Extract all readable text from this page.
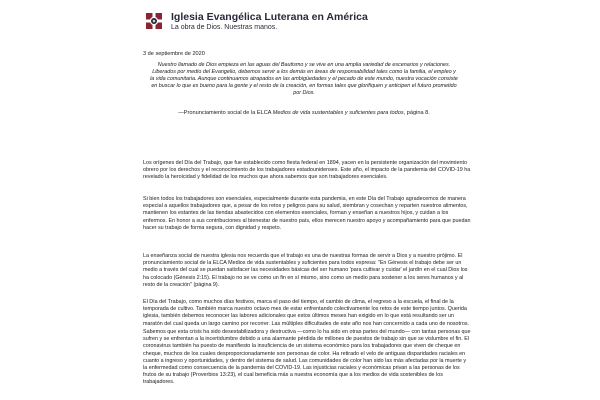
Iglesia Evangélica Luterana en América
La obra de Dios. Nuestras manos.
3 de septiembre de 2020
Nuestro llamado de Dios empieza en las aguas del Bautismo y se vive en una amplia variedad de escenarios y relaciones. Liberados por medio del Evangelio, debemos servir a los demás en áreas de responsabilidad tales como la familia, el empleo y la vida comunitaria. Aunque continuamos atrapados en las ambigüedades y el pecado de este mundo, nuestra vocación consiste en buscar lo que es bueno para la gente y el resto de la creación, en formas tales que glorifiquen y anticipen el futuro prometido por Dios.
—Pronunciamiento social de la ELCA Medios de vida sustentables y suficientes para todos, página 8.

Los orígenes del Día del Trabajo, que fue establecido como fiesta federal en 1894, yacen en la persistente organización del movimiento obrero por los derechos y el reconocimiento de los trabajadores estadounidenses. Este año, el impacto de la pandemia del COVID-19 ha revelado la heroicidad y fidelidad de los muchos que ahora sabemos que son trabajadores esenciales.

Si bien todos los trabajadores son esenciales, especialmente durante esta pandemia, en este Día del Trabajo agradecemos de manera especial a aquellos trabajadores que, a pesar de los retos y peligros para su salud, siembran y cosechan y reparten nuestros alimentos, mantienen los estantes de las tiendas abastecidos con elementos esenciales, forman y enseñan a nuestros hijos, y cuidan a los enfermos. En honor a sus contribuciones al bienestar de nuestro país, ellos merecen nuestro apoyo y acompañamiento para que puedan hacer su trabajo de forma segura, con dignidad y respeto.

La enseñanza social de nuestra iglesia nos recuerda que el trabajo es una de nuestras formas de servir a Dios y a nuestro prójimo. El pronunciamiento social de la ELCA Medios de vida sustentables y suficientes para todos expresa: "En Génesis el trabajo debe ser un medio a través del cual se puedan satisfacer las necesidades básicas del ser humano 'para cultivar y cuidar' el jardín en el cual Dios los ha colocado (Génesis 2:15). El trabajo no se ve como un fin en sí mismo, sino como un medio para sostener a los seres humanos y al resto de la creación" (página 9).

El Día del Trabajo, como muchos días festivos, marca el paso del tiempo, el cambio de clima, el regreso a la escuela, el final de la temporada de cultivo. También marca nuestro octavo mes de estar enfrentando colectivamente los retos de este tiempo juntos. Querida iglesia, también debemos reconocer las labores adicionales que estos últimos meses han exigido en lo que está resultando ser un maratón del cual queda un largo camino por recorrer. Las múltiples dificultades de este año nos han concernido a cada uno de nosotros.

Sabemos que esta crisis ha sido desestabilizadora y destructiva —como lo ha sido en otras partes del mundo— con tantas personas que sufren y se enfrentan a la incertidumbre debido a una alarmante pérdida de millones de puestos de trabajo sin que se vislumbre el fin. El coronavirus también ha puesto de manifiesto la insuficiencia de un sistema económico para los trabajadores que viven de cheque en cheque, muchos de los cuales desproporcionadamente son personas de color. Ha retirado el velo de antiguas disparidades raciales en cuanto a ingreso y oportunidades, y dentro del sistema de salud. Las comunidades de color han sido las más afectadas por la muerte y la enfermedad como consecuencia de la pandemia del COVID-19. Las injusticias raciales y económicas privan a las personas de los frutos de su trabajo (Proverbios 13:23), el cual beneficia más a nuestra economía que a los medios de vida sostenibles de los trabajadores.
